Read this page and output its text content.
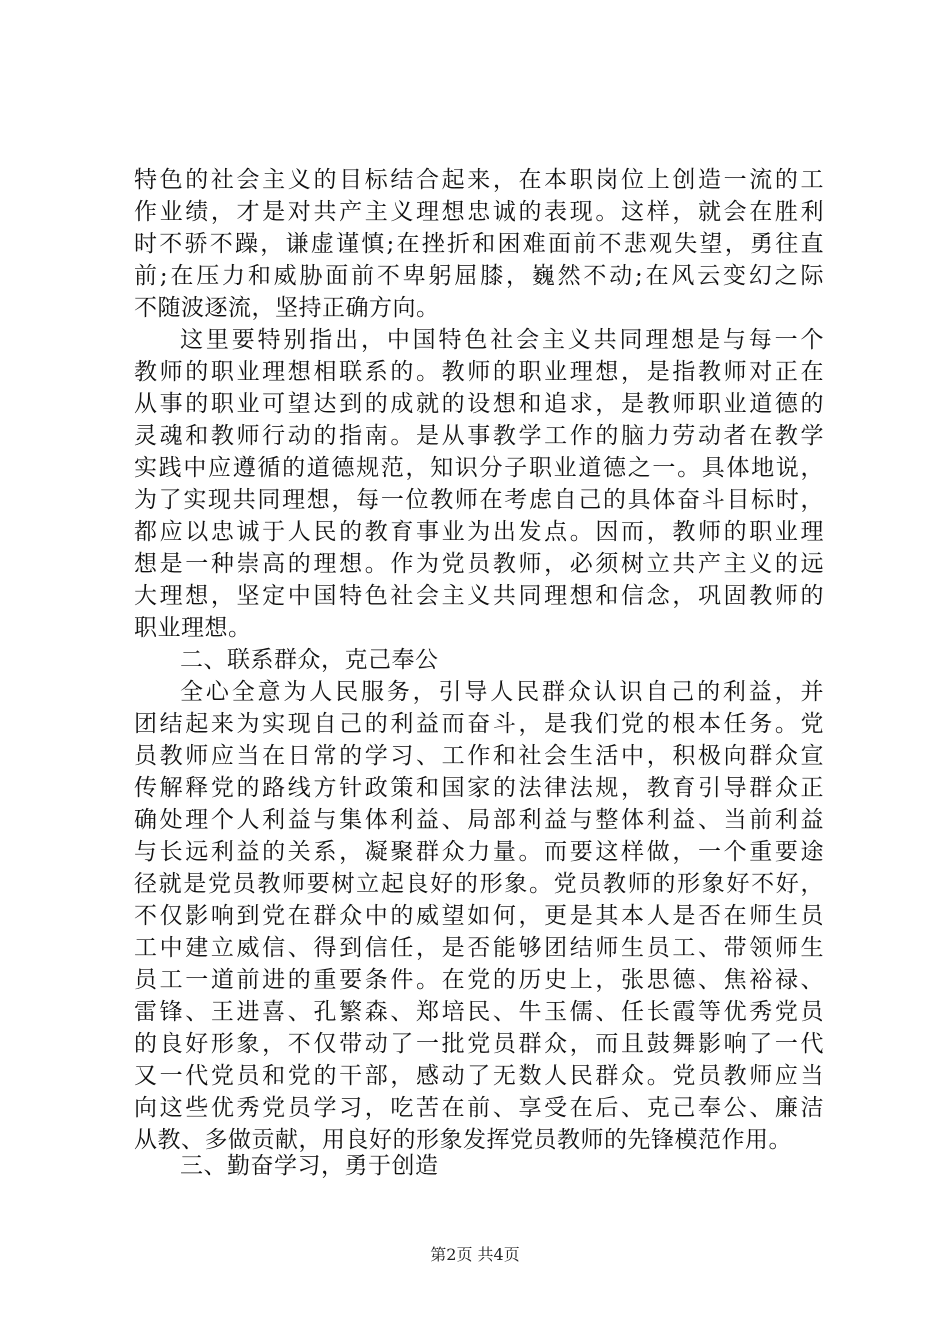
特色的社会主义的目标结合起来，在本职岗位上创造一流的工
作业绩，才是对共产主义理想忠诚的表现。这样，就会在胜利
时不骄不躁，谦虚谨慎;在挫折和困难面前不悲观失望，勇往直
前;在压力和威胁面前不卑躬屈膝，巍然不动;在风云变幻之际
不随波逐流，坚持正确方向。
这里要特别指出，中国特色社会主义共同理想是与每一个
教师的职业理想相联系的。教师的职业理想，是指教师对正在
从事的职业可望达到的成就的设想和追求，是教师职业道德的
灵魂和教师行动的指南。是从事教学工作的脑力劳动者在教学
实践中应遵循的道德规范，知识分子职业道德之一。具体地说，
为了实现共同理想，每一位教师在考虑自己的具体奋斗目标时，
都应以忠诚于人民的教育事业为出发点。因而，教师的职业理
想是一种崇高的理想。作为党员教师，必须树立共产主义的远
大理想，坚定中国特色社会主义共同理想和信念，巩固教师的
职业理想。
二、联系群众，克己奉公
全心全意为人民服务，引导人民群众认识自己的利益，并
团结起来为实现自己的利益而奋斗，是我们党的根本任务。党
员教师应当在日常的学习、工作和社会生活中，积极向群众宣
传解释党的路线方针政策和国家的法律法规，教育引导群众正
确处理个人利益与集体利益、局部利益与整体利益、当前利益
与长远利益的关系，凝聚群众力量。而要这样做，一个重要途
径就是党员教师要树立起良好的形象。党员教师的形象好不好，
不仅影响到党在群众中的威望如何，更是其本人是否在师生员
工中建立威信、得到信任，是否能够团结师生员工、带领师生
员工一道前进的重要条件。在党的历史上，张思德、焦裕禄、
雷锋、王进喜、孔繁森、郑培民、牛玉儒、任长霞等优秀党员
的良好形象，不仅带动了一批党员群众，而且鼓舞影响了一代
又一代党员和党的干部，感动了无数人民群众。党员教师应当
向这些优秀党员学习，吃苦在前、享受在后、克己奉公、廉洁
从教、多做贡献，用良好的形象发挥党员教师的先锋模范作用。
三、勤奋学习，勇于创造
第2页 共4页
